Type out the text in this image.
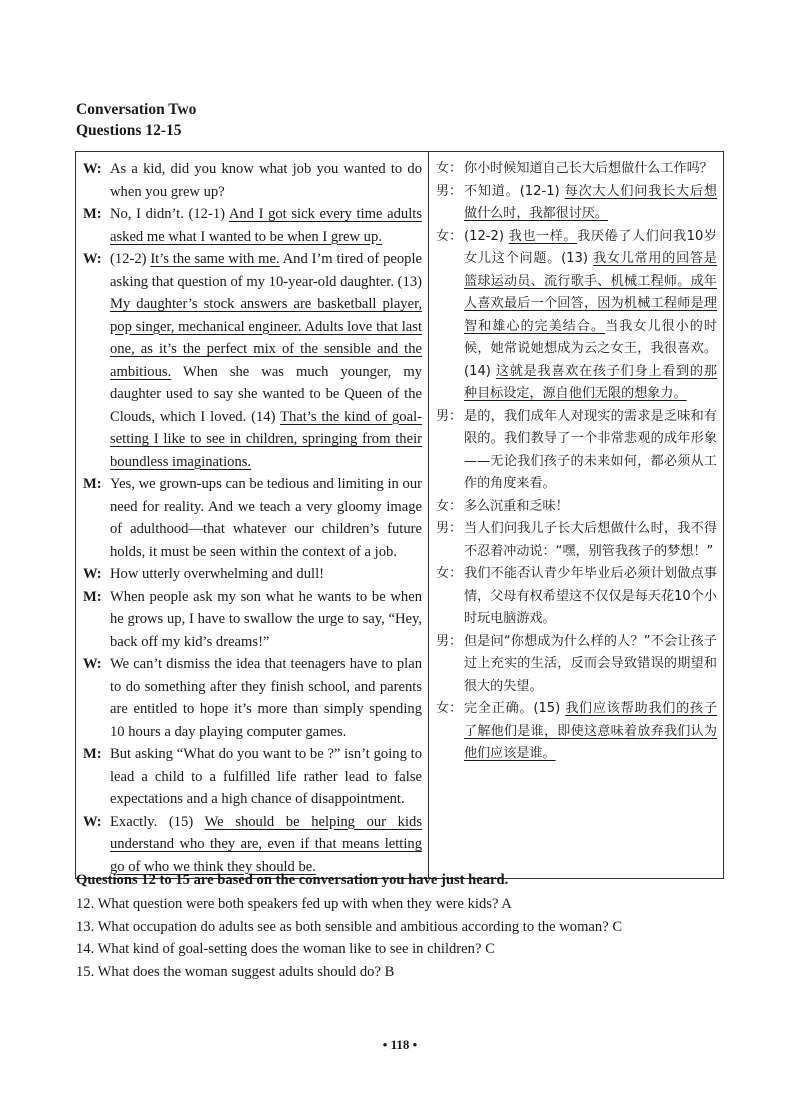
Conversation Two
Questions 12-15
W: As a kid, did you know what job you wanted to do when you grew up?
M: No, I didn’t. (12-1) And I got sick every time adults asked me what I wanted to be when I grew up.
W: (12-2) It’s the same with me. And I’m tired of people asking that question of my 10-year-old daughter. (13) My daughter’s stock answers are basketball player, pop singer, mechanical engineer. Adults love that last one, as it’s the perfect mix of the sensible and the ambitious. When she was much younger, my daughter used to say she wanted to be Queen of the Clouds, which I loved. (14) That’s the kind of goal-setting I like to see in children, springing from their boundless imaginations.
M: Yes, we grown-ups can be tedious and limiting in our need for reality. And we teach a very gloomy image of adulthood—that whatever our children’s future holds, it must be seen within the context of a job.
W: How utterly overwhelming and dull!
M: When people ask my son what he wants to be when he grows up, I have to swallow the urge to say, “Hey, back off my kid’s dreams!”
W: We can’t dismiss the idea that teenagers have to plan to do something after they finish school, and parents are entitled to hope it’s more than simply spending 10 hours a day playing computer games.
M: But asking “What do you want to be ?” isn’t going to lead a child to a fulfilled life rather lead to false expectations and a high chance of disappointment.
W: Exactly. (15) We should be helping our kids understand who they are, even if that means letting go of who we think they should be.

女： 你小时候知道自己长大后想做什么工作吗？
男： 不知道。(12-1) 每次大人们问我长大后想做什么时，我都很讨厌。
女： (12-2) 我也一样。我厌倦了人们问我10岁女儿这个问题。(13) 我女儿常用的回答是篮球运动员、流行歌手、机械工程师。成年人喜欢最后一个回答，因为机械工程师是理智和雄心的完美结合。当我女儿很小的时候，她常说她想成为云之女王，我很喜欢。(14) 这就是我喜欢在孩子们身上看到的那种目标设定，源自他们无限的想象力。
男： 是的，我们成年人对现实的需求是乏味和有限的。我们教导了一个非常悲观的成年形象——无论我们孩子的未来如何，都必须从工作的角度来看。
女： 多么沉重和乏味！
男： 当人们问我儿子长大后想做什么时，我不得不忍着冲动说：“嘿，别管我孩子的梦想！”
女： 我们不能否认青少年毕业后必须计划做点事情，父母有权希望这不仅仅是每天花10个小时玩电脑游戏。
男： 但是问“你想成为什么样的人？”不会让孩子过上充实的生活，反而会导致错误的期望和很大的失望。
女： 完全正确。(15) 我们应该帮助我们的孩子了解他们是谁，即使这意味着放弃我们认为他们应该是谁。
Questions 12 to 15 are based on the conversation you have just heard.
12. What question were both speakers fed up with when they were kids? A
13. What occupation do adults see as both sensible and ambitious according to the woman? C
14. What kind of goal-setting does the woman like to see in children? C
15. What does the woman suggest adults should do? B
• 118 •
